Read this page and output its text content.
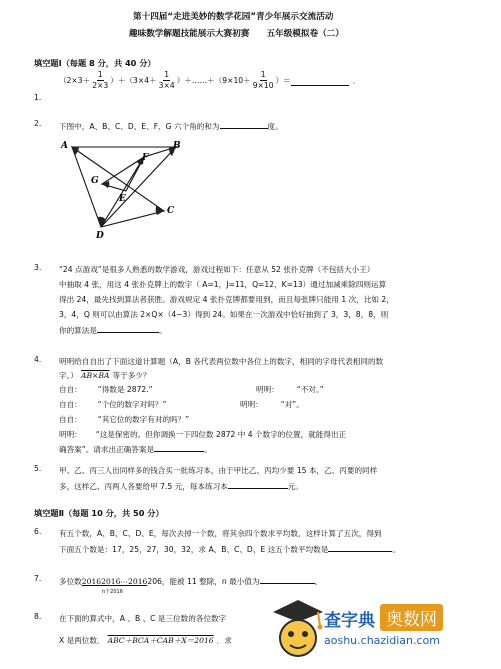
第十四届“走进美妙的数学花园”青少年展示交流活动
趣味数学解题技能展示大赛初赛　　五年级模拟卷（二）
填空题Ⅰ（每题 8 分，共 40 分）
1.
$(2\times 3+ \frac{1}{2\times 3} )+(3\times 4+ \frac{1}{3\times 4}$ ）＋……＋（9×10＋ $\frac{1}{9\times 10}$ ）＝	．
2. 下图中，A、B、C、D、E、F、G 六个角的和为	度。
A	B
C
D
E
F
G
3. “24 点游戏”是很多人熟悉的数学游戏，游戏过程如下：任意从 52 张扑克牌（不包括大小王）
中抽取 4 张，用这 4 张扑克牌上的数字（ A=1，J=11，Q=12，K=13）通过加减乘除四则运算
得出 24，最先找到算法者获胜。游戏规定 4 张扑克牌都要用到，而且每张牌只能用 1 次，比如 2，
3，4，Q 则可以由算法 2×Q×（4−3）得到 24。如果在一次游戏中恰好抽到了 3，3，8，8，则
你的算法是	。
4. 明明给自自出了下面这道计算题（A，B 各代表两位数中各位上的数字，相同的字母代表相同的数
字。） AB×BA 等于多少？
自自： “得数是 2872.”	明明： “不对。”
自自： “个位的数字对吗？”	明明： “对”。
自自： “其它位的数字有对的吗？”
明明： “这是保密的。但你调换一下四位数 2872 中 4 个数字的位置，就能得出正
确答案”。请求出正确答案是	。
5. 甲、乙、丙三人出同样多的钱合买一批练习本，由于甲比乙、丙均少要 15 本，乙、丙要的同样
多，这样乙、丙两人各要给甲 7.5 元，每本练习本	元。
填空题Ⅱ（每题 10 分，共 50 分）
6. 有五个数，A、B、C、D、E，每次去掉一个数，将其余四个数求平均数，这样计算了五次，得到
下面五个数是：17，25，27，30，32，求 A、B、C、D、E 这五个数平均数是	。
7. 多位数20162016⋯2016206，能被 11 整除，n 最小值为	。
n个2016
8. 在下面的算式中，A 、B 、C 是三位数的各位数字
X 是两位数． ABC＋BCA＋CAB＋X＝2016 ．求
查字典 奥数网
aoshu.chazidian.com
